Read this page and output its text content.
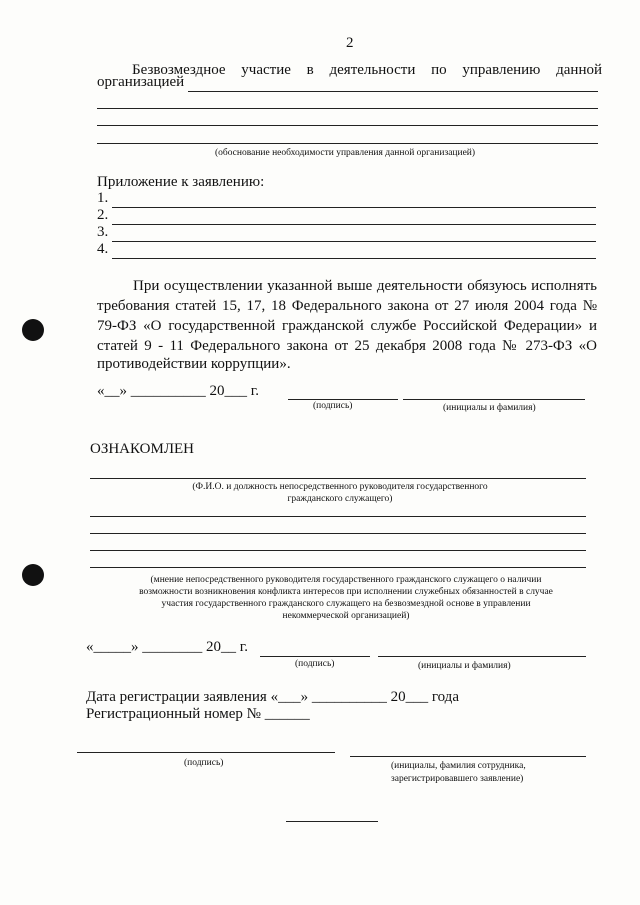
2
Безвозмездное участие в деятельности по управлению данной
организацией
(обоснование необходимости управления данной организацией)
Приложение к заявлению:
1.
2.
3.
4.
При осуществлении указанной выше деятельности обязуюсь исполнять
требования статей 15, 17, 18 Федерального закона от 27 июля 2004 года №
79-ФЗ «О государственной гражданской службе Российской Федерации» и
статей 9 - 11 Федерального закона от 25 декабря 2008 года № 273-ФЗ «О
противодействии коррупции».
«__» __________ 20___ г.
(подпись)	(инициалы и фамилия)
ОЗНАКОМЛЕН
(Ф.И.О. и должность непосредственного руководителя государственного
гражданского служащего)
(мнение непосредственного руководителя государственного гражданского служащего о наличии
возможности возникновения конфликта интересов при исполнении служебных обязанностей в случае
участия государственного гражданского служащего на безвозмездной основе в управлении
некоммерческой организацией)
«_____» ________ 20__ г.
(подпись)	(инициалы и фамилия)
Дата регистрации заявления «___» __________ 20___ года
Регистрационный номер № ______
(подпись)	(инициалы, фамилия сотрудника,
зарегистрировавшего заявление)
